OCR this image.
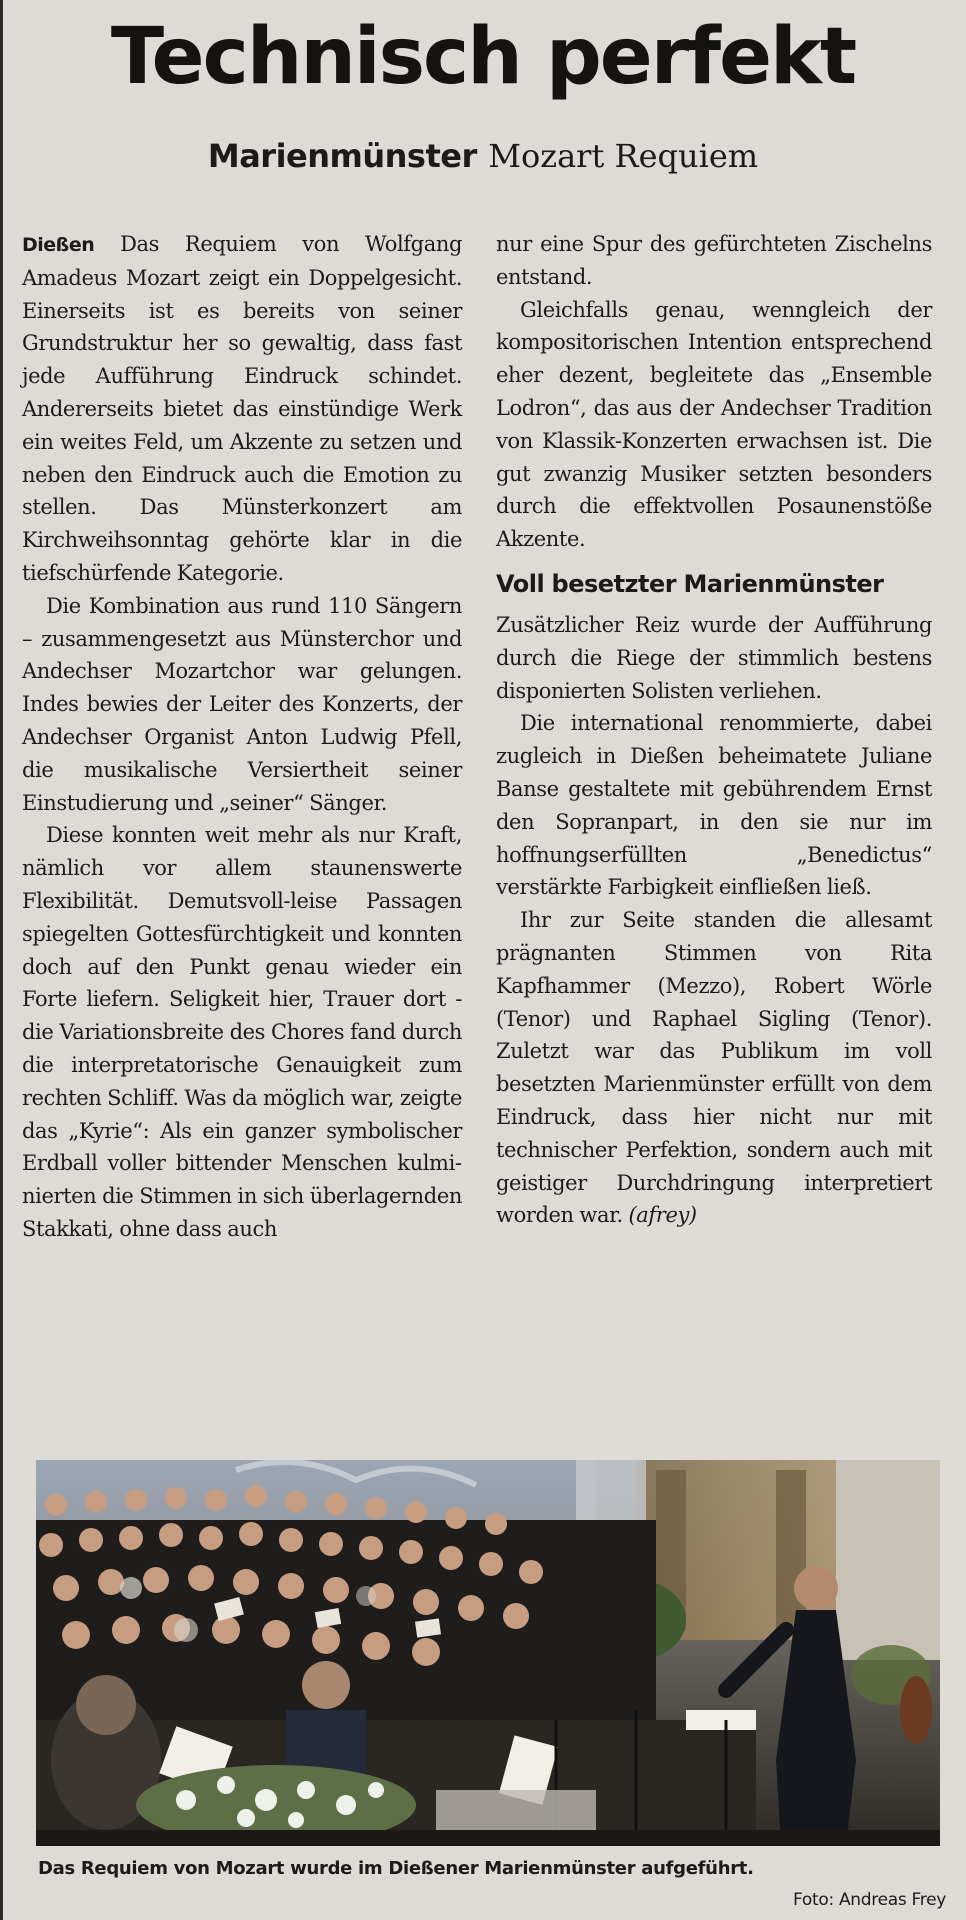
Technisch perfekt
Marienmünster Mozart Requiem

Dießen Das Requiem von Wolfgang Amadeus Mozart zeigt ein Doppelgesicht. Einerseits ist es bereits von seiner Grundstruktur her so gewaltig, dass fast jede Aufführung Eindruck schindet. Andererseits bietet das einstündige Werk ein weites Feld, um Akzente zu setzen und neben den Eindruck auch die Emotion zu stellen. Das Münsterkonzert am Kirchweihsonntag gehörte klar in die tiefschürfende Kategorie.

Die Kombination aus rund 110 Sängern – zusammengesetzt aus Münsterchor und Andechser Mozartchor war gelungen. Indes bewies der Leiter des Konzerts, der Andechser Organist Anton Ludwig Pfell, die musikalische Versiertheit seiner Einstudierung und „seiner“ Sänger.

Diese konnten weit mehr als nur Kraft, nämlich vor allem staunenswerte Flexibilität. Demutsvoll-leise Passagen spiegelten Gottesfürchtigkeit und konnten doch auf den Punkt genau wieder ein Forte liefern. Seligkeit hier, Trauer dort - die Variationsbreite des Chores fand durch die interpretatorische Genauigkeit zum rechten Schliff. Was da möglich war, zeigte das „Kyrie“: Als ein ganzer symbolischer Erdball voller bittender Menschen kulminierten die Stimmen in sich überlagernden Stakkati, ohne dass auch

nur eine Spur des gefürchteten Zischelns entstand.

Gleichfalls genau, wenngleich der kompositorischen Intention entsprechend eher dezent, begleitete das „Ensemble Lodron“, das aus der Andechser Tradition von Klassik-Konzerten erwachsen ist. Die gut zwanzig Musiker setzten besonders durch die effektvollen Posaunenstöße Akzente.

Voll besetzter Marienmünster

Zusätzlicher Reiz wurde der Aufführung durch die Riege der stimmlich bestens disponierten Solisten verliehen.

Die international renommierte, dabei zugleich in Dießen beheimatete Juliane Banse gestaltete mit gebührendem Ernst den Sopranpart, in den sie nur im hoffnungserfüllten „Benedictus“ verstärkte Farbigkeit einfließen ließ.

Ihr zur Seite standen die allesamt prägnanten Stimmen von Rita Kapfhammer (Mezzo), Robert Wörle (Tenor) und Raphael Sigling (Tenor). Zuletzt war das Publikum im voll besetzten Marienmünster erfüllt von dem Eindruck, dass hier nicht nur mit technischer Perfektion, sondern auch mit geistiger Durchdringung interpretiert worden war. (afrey)

Das Requiem von Mozart wurde im Dießener Marienmünster aufgeführt.
Foto: Andreas Frey
